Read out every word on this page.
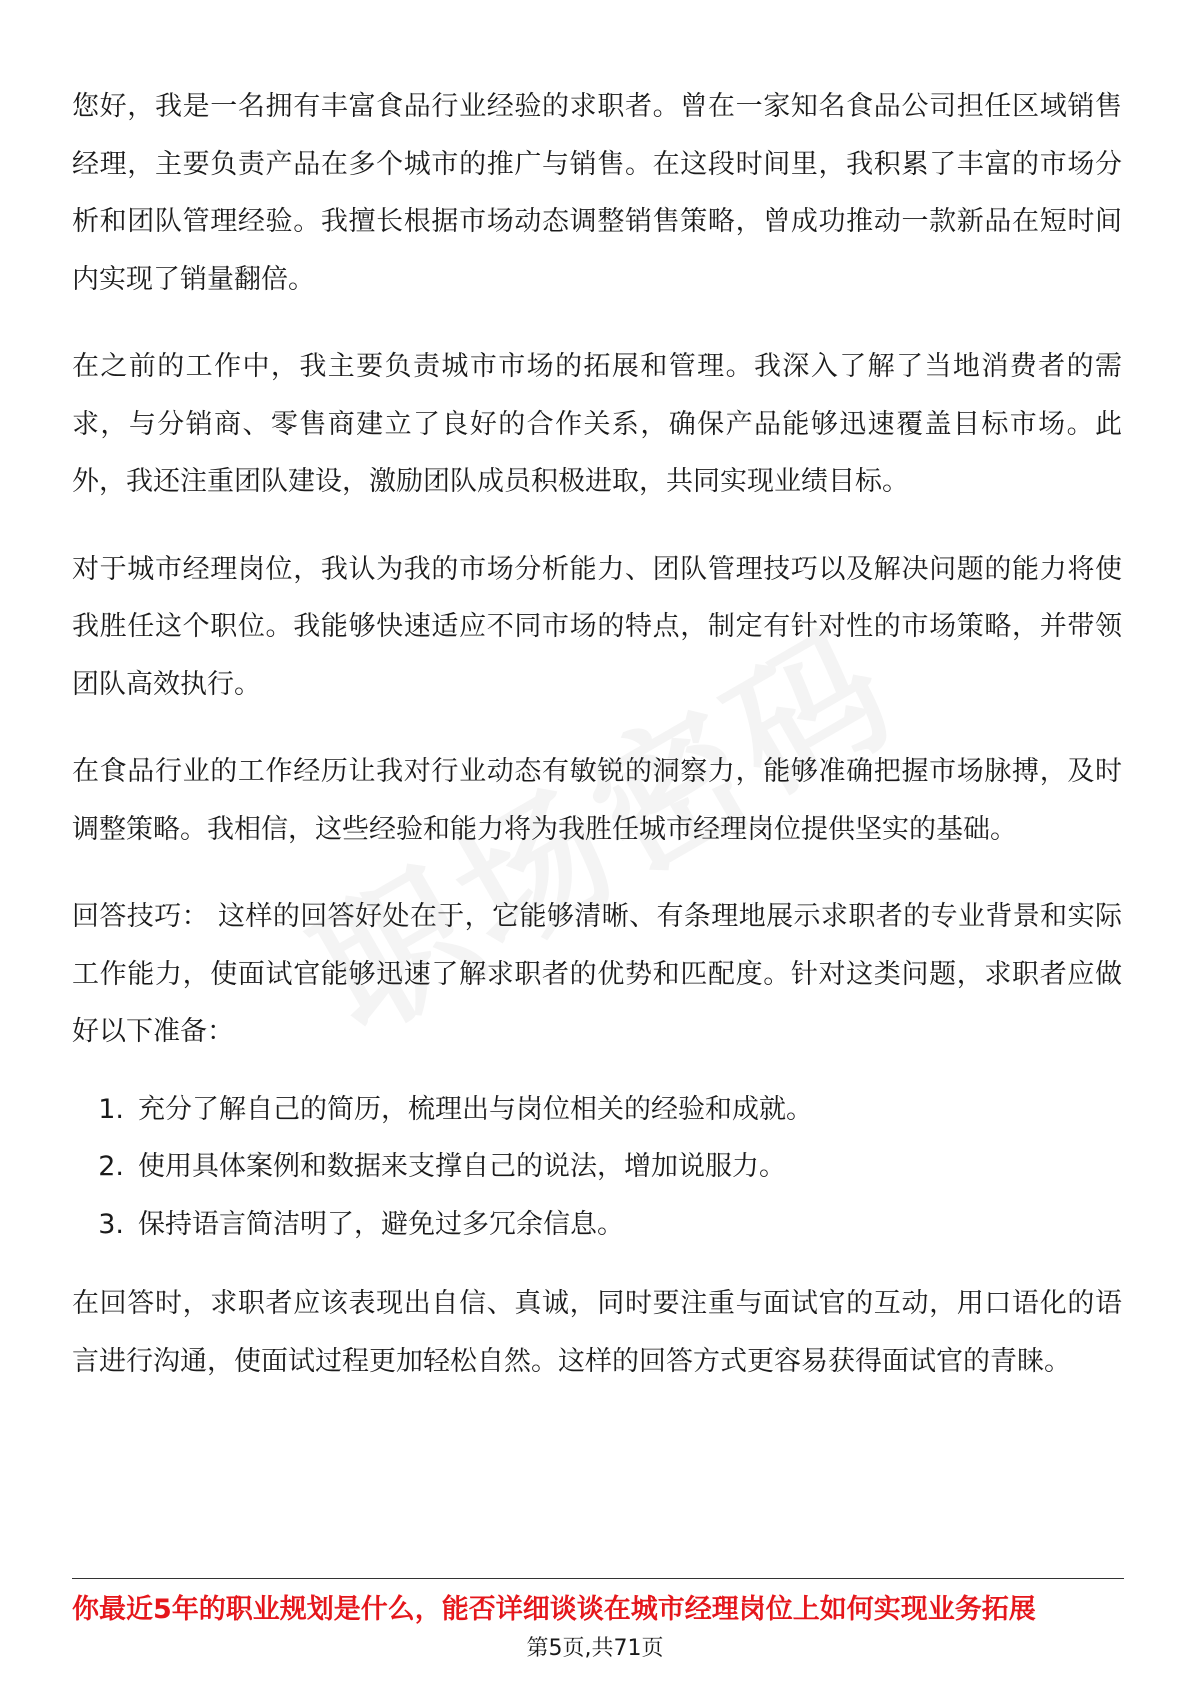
您好，我是一名拥有丰富食品行业经验的求职者。曾在一家知名食品公司担任区域销售经理，主要负责产品在多个城市的推广与销售。在这段时间里，我积累了丰富的市场分析和团队管理经验。我擅长根据市场动态调整销售策略，曾成功推动一款新品在短时间内实现了销量翻倍。

在之前的工作中，我主要负责城市市场的拓展和管理。我深入了解了当地消费者的需求，与分销商、零售商建立了良好的合作关系，确保产品能够迅速覆盖目标市场。此外，我还注重团队建设，激励团队成员积极进取，共同实现业绩目标。

对于城市经理岗位，我认为我的市场分析能力、团队管理技巧以及解决问题的能力将使我胜任这个职位。我能够快速适应不同市场的特点，制定有针对性的市场策略，并带领团队高效执行。

在食品行业的工作经历让我对行业动态有敏锐的洞察力，能够准确把握市场脉搏，及时调整策略。我相信，这些经验和能力将为我胜任城市经理岗位提供坚实的基础。

回答技巧： 这样的回答好处在于，它能够清晰、有条理地展示求职者的专业背景和实际工作能力，使面试官能够迅速了解求职者的优势和匹配度。针对这类问题，求职者应做好以下准备：

1. 充分了解自己的简历，梳理出与岗位相关的经验和成就。
2. 使用具体案例和数据来支撑自己的说法，增加说服力。
3. 保持语言简洁明了，避免过多冗余信息。

在回答时，求职者应该表现出自信、真诚，同时要注重与面试官的互动，用口语化的语言进行沟通，使面试过程更加轻松自然。这样的回答方式更容易获得面试官的青睐。

你最近5年的职业规划是什么，能否详细谈谈在城市经理岗位上如何实现业务拓展
第5页,共71页
